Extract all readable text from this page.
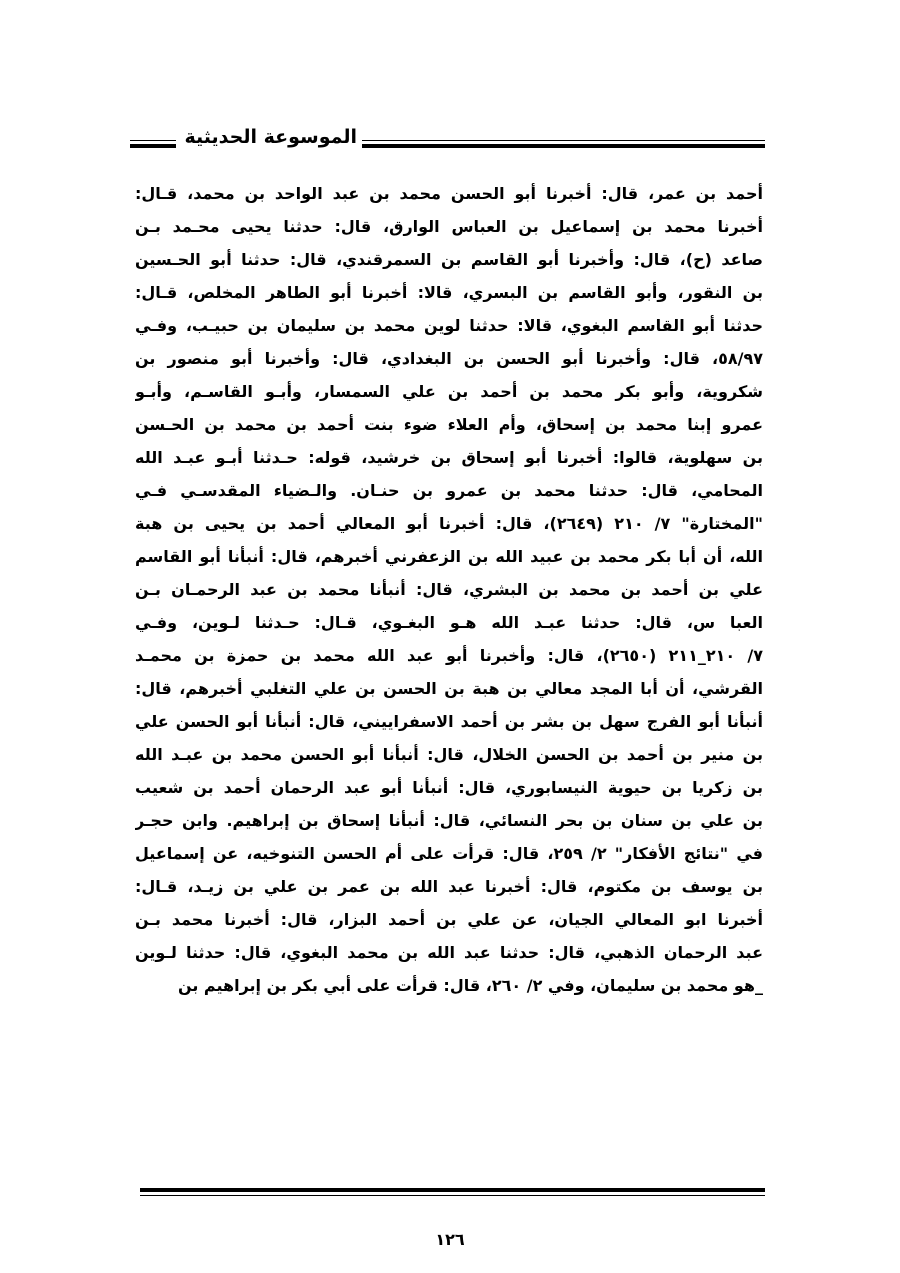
الموسوعة الحديثية
أحمد بن عمر، قال: أخبرنا أبو الحسن محمد بن عبد الواحد بن محمد، قـال:
أخبرنا محمد بن إسماعيل بن العباس الوارق، قال: حدثنا يحيى محـمد بـن
صاعد (ح)، قال: وأخبرنا أبو القاسم بن السمرقندي، قال: حدثنا أبو الحـسين
بن النقور، وأبو القاسم بن البسري، قالا: أخبرنا أبو الطاهر المخلص، قـال:
حدثنا أبو القاسم البغوي، قالا: حدثنا لوين محمد بن سليمان بن حبيـب، وفـي
٥٨/٩٧، قال: وأخبرنا أبو الحسن بن البغدادي، قال: وأخبرنا أبو منصور بن
شكروية، وأبو بكر محمد بن أحمد بن علي السمسار، وأبـو القاسـم، وأبـو
عمرو إبنا محمد بن إسحاق، وأم العلاء ضوء بنت أحمد بن محمد بن الحـسن
بن سهلوية، قالوا: أخبرنا أبو إسحاق بن خرشيد، قوله: حـدثنا أبـو عبـد الله
المحامي، قال: حدثنا محمد بن عمرو بن حنـان. والـضياء المقدسـي فـي
"المختارة" ٧/ ٢١٠ (٢٦٤٩)، قال: أخبرنا أبو المعالي أحمد بن يحيى بن هبة
الله، أن أبا بكر محمد بن عبيد الله بن الزعفرني أخبرهم، قال: أنبأنا أبو القاسم
علي بن أحمد بن محمد بن البشري، قال: أنبأنا محمد بن عبد الرحمـان بـن
العبا س، قال: حدثنا عبـد الله هـو البغـوي، قـال: حـدثنا لـوين، وفـي
٧/ ٢١٠_٢١١ (٢٦٥٠)، قال: وأخبرنا أبو عبد الله محمد بن حمزة بن محمـد
القرشي، أن أبا المجد معالي بن هبة بن الحسن بن علي التغلبي أخبرهم، قال:
أنبأنا أبو الفرج سهل بن بشر بن أحمد الاسفراييني، قال: أنبأنا أبو الحسن علي
بن منير بن أحمد بن الحسن الخلال، قال: أنبأنا أبو الحسن محمد بن عبـد الله
بن زكريا بن حيوية النيسابوري، قال: أنبأنا أبو عبد الرحمان أحمد بن شعيب
بن علي بن سنان بن بحر النسائي، قال: أنبأنا إسحاق بن إبراهيم. وابن حجـر
في "نتائج الأفكار" ٢/ ٢٥٩، قال: قرأت على أم الحسن التنوخيه، عن إسماعيل
بن يوسف بن مكتوم، قال: أخبرنا عبد الله بن عمر بن علي بن زيـد، قـال:
أخبرنا ابو المعالي الجيان، عن علي بن أحمد البزار، قال: أخبرنا محمد بـن
عبد الرحمان الذهبي، قال: حدثنا عبد الله بن محمد البغوي، قال: حدثنا لـوين
_هو محمد بن سليمان، وفي ٢/ ٢٦٠، قال: قرأت على أبي بكر بن إبراهيم بن
١٢٦
